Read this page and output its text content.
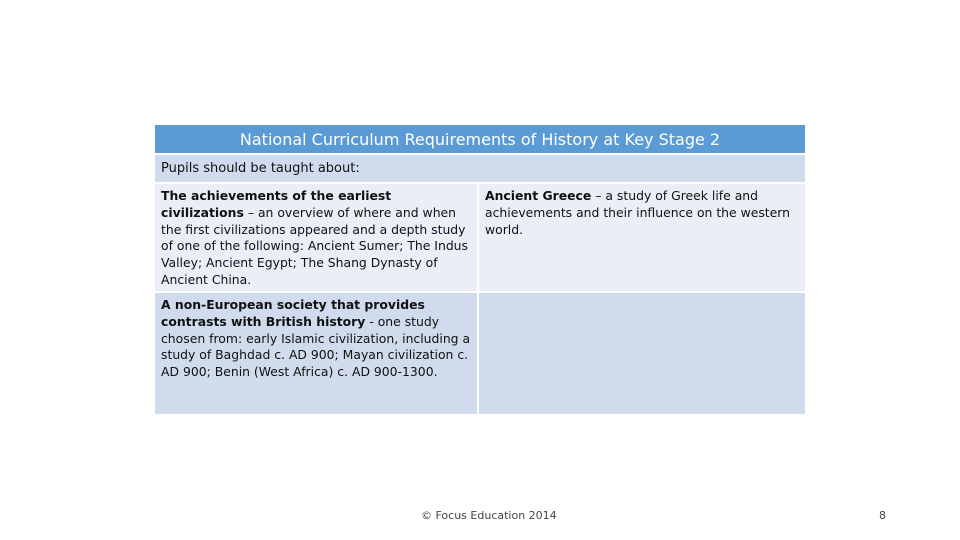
National Curriculum Requirements of History at Key Stage 2
Pupils should be taught about:
The achievements of the earliest civilizations – an overview of where and when the first civilizations appeared and a depth study of one of the following: Ancient Sumer; The Indus Valley; Ancient Egypt; The Shang Dynasty of Ancient China.
Ancient Greece – a study of Greek life and achievements and their influence on the western world.
A non-European society that provides contrasts with British history - one study chosen from: early Islamic civilization, including a study of Baghdad c. AD 900; Mayan civilization c. AD 900; Benin (West Africa) c. AD 900-1300.
© Focus Education 2014	8
